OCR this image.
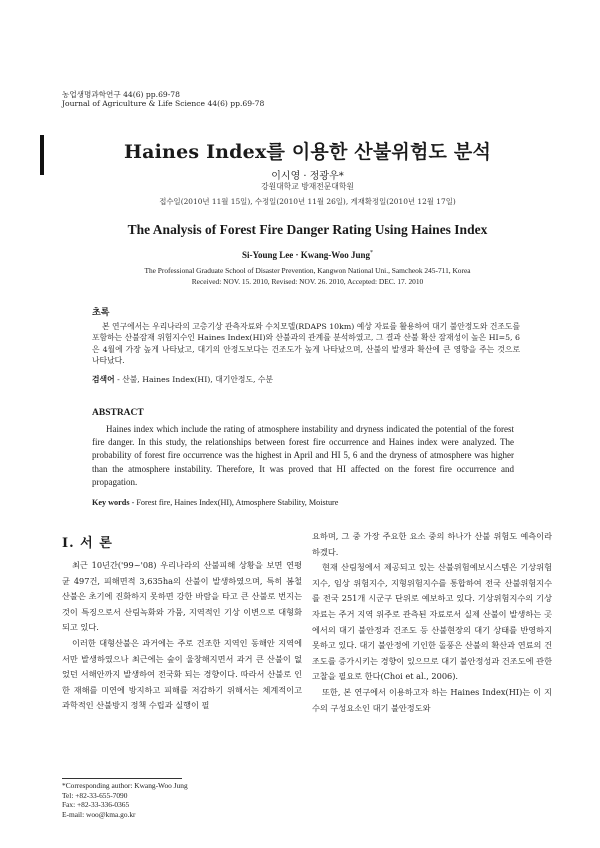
농업생명과학연구 44(6) pp.69-78
Journal of Agriculture & Life Science 44(6) pp.69-78
Haines Index를 이용한 산불위험도 분석
이시영 · 정광우*
강원대학교 방재전문대학원
접수일(2010년 11월 15일), 수정일(2010년 11월 26일), 게재확정일(2010년 12월 17일)
The Analysis of Forest Fire Danger Rating Using Haines Index
Si-Young Lee · Kwang-Woo Jung*
The Professional Graduate School of Disaster Prevention, Kangwon National Uni., Samcheok 245-711, Korea
Received: NOV. 15. 2010, Revised: NOV. 26. 2010, Accepted: DEC. 17. 2010
초록
본 연구에서는 우리나라의 고층기상 관측자료와 수치모델(RDAPS 10km) 예상 자료를 활용하여 대기 불안정도와 건조도를 포함하는 산불잠재 위험지수인 Haines Index(HI)와 산불과의 관계를 분석하였고, 그 결과 산불 확산 잠재성이 높은 HI=5, 6은 4월에 가장 높게 나타났고, 대기의 안정도보다는 건조도가 높게 나타났으며, 산불의 발생과 확산에 큰 영향을 주는 것으로 나타났다.
검색어 - 산불, Haines Index(HI), 대기안정도, 수분
ABSTRACT
Haines index which include the rating of atmosphere instability and dryness indicated the potential of the forest fire danger. In this study, the relationships between forest fire occurrence and Haines index were analyzed. The probability of forest fire occurrence was the highest in April and HI 5, 6 and the dryness of atmosphere was higher than the atmosphere instability. Therefore, It was proved that HI affected on the forest fire occurrence and propagation.
Key words - Forest fire, Haines Index(HI), Atmosphere Stability, Moisture
Ⅰ. 서 론

최근 10년간('99~'08) 우리나라의 산불피해 상황을 보면 연평균 497건, 피해면적 3,635ha의 산불이 발생하였으며, 특히 봄철 산불은 초기에 진화하지 못하면 강한 바람을 타고 큰 산불로 번지는 것이 특징으로서 산림녹화와 가뭄, 지역적인 기상 이변으로 대형화되고 있다.

이러한 대형산불은 과거에는 주로 건조한 지역인 동해안 지역에서만 발생하였으나 최근에는 숲이 울창해지면서 과거 큰 산불이 없었던 서해안까지 발생하여 전국화 되는 경향이다. 따라서 산불로 인한 재해를 미연에 방지하고 피해를 저감하기 위해서는 체계적이고 과학적인 산불방지 정책 수립과 실행이 필

요하며, 그 중 가장 주요한 요소 중의 하나가 산불 위험도 예측이라 하겠다.

현재 산림청에서 제공되고 있는 산불위험예보시스템은 기상위험지수, 임상 위험지수, 지형위험지수를 통합하여 전국 산불위험지수를 전국 251개 시군구 단위로 예보하고 있다. 기상위험지수의 기상자료는 주거 지역 위주로 관측된 자료로서 실제 산불이 발생하는 곳에서의 대기 불안정과 건조도 등 산불현장의 대기 상태를 반영하지 못하고 있다. 대기 불안정에 기인한 돌풍은 산불의 확산과 연료의 건조도를 증가시키는 경향이 있으므로 대기 불안정성과 건조도에 관한 고찰을 필요로 한다(Choi et al., 2006).

또한, 본 연구에서 이용하고자 하는 Haines Index(HI)는 이 지수의 구성요소인 대기 불안정도와

*Corresponding author: Kwang-Woo Jung
Tel: +82-33-655-7090
Fax: +82-33-336-0365
E-mail: woo@kma.go.kr
